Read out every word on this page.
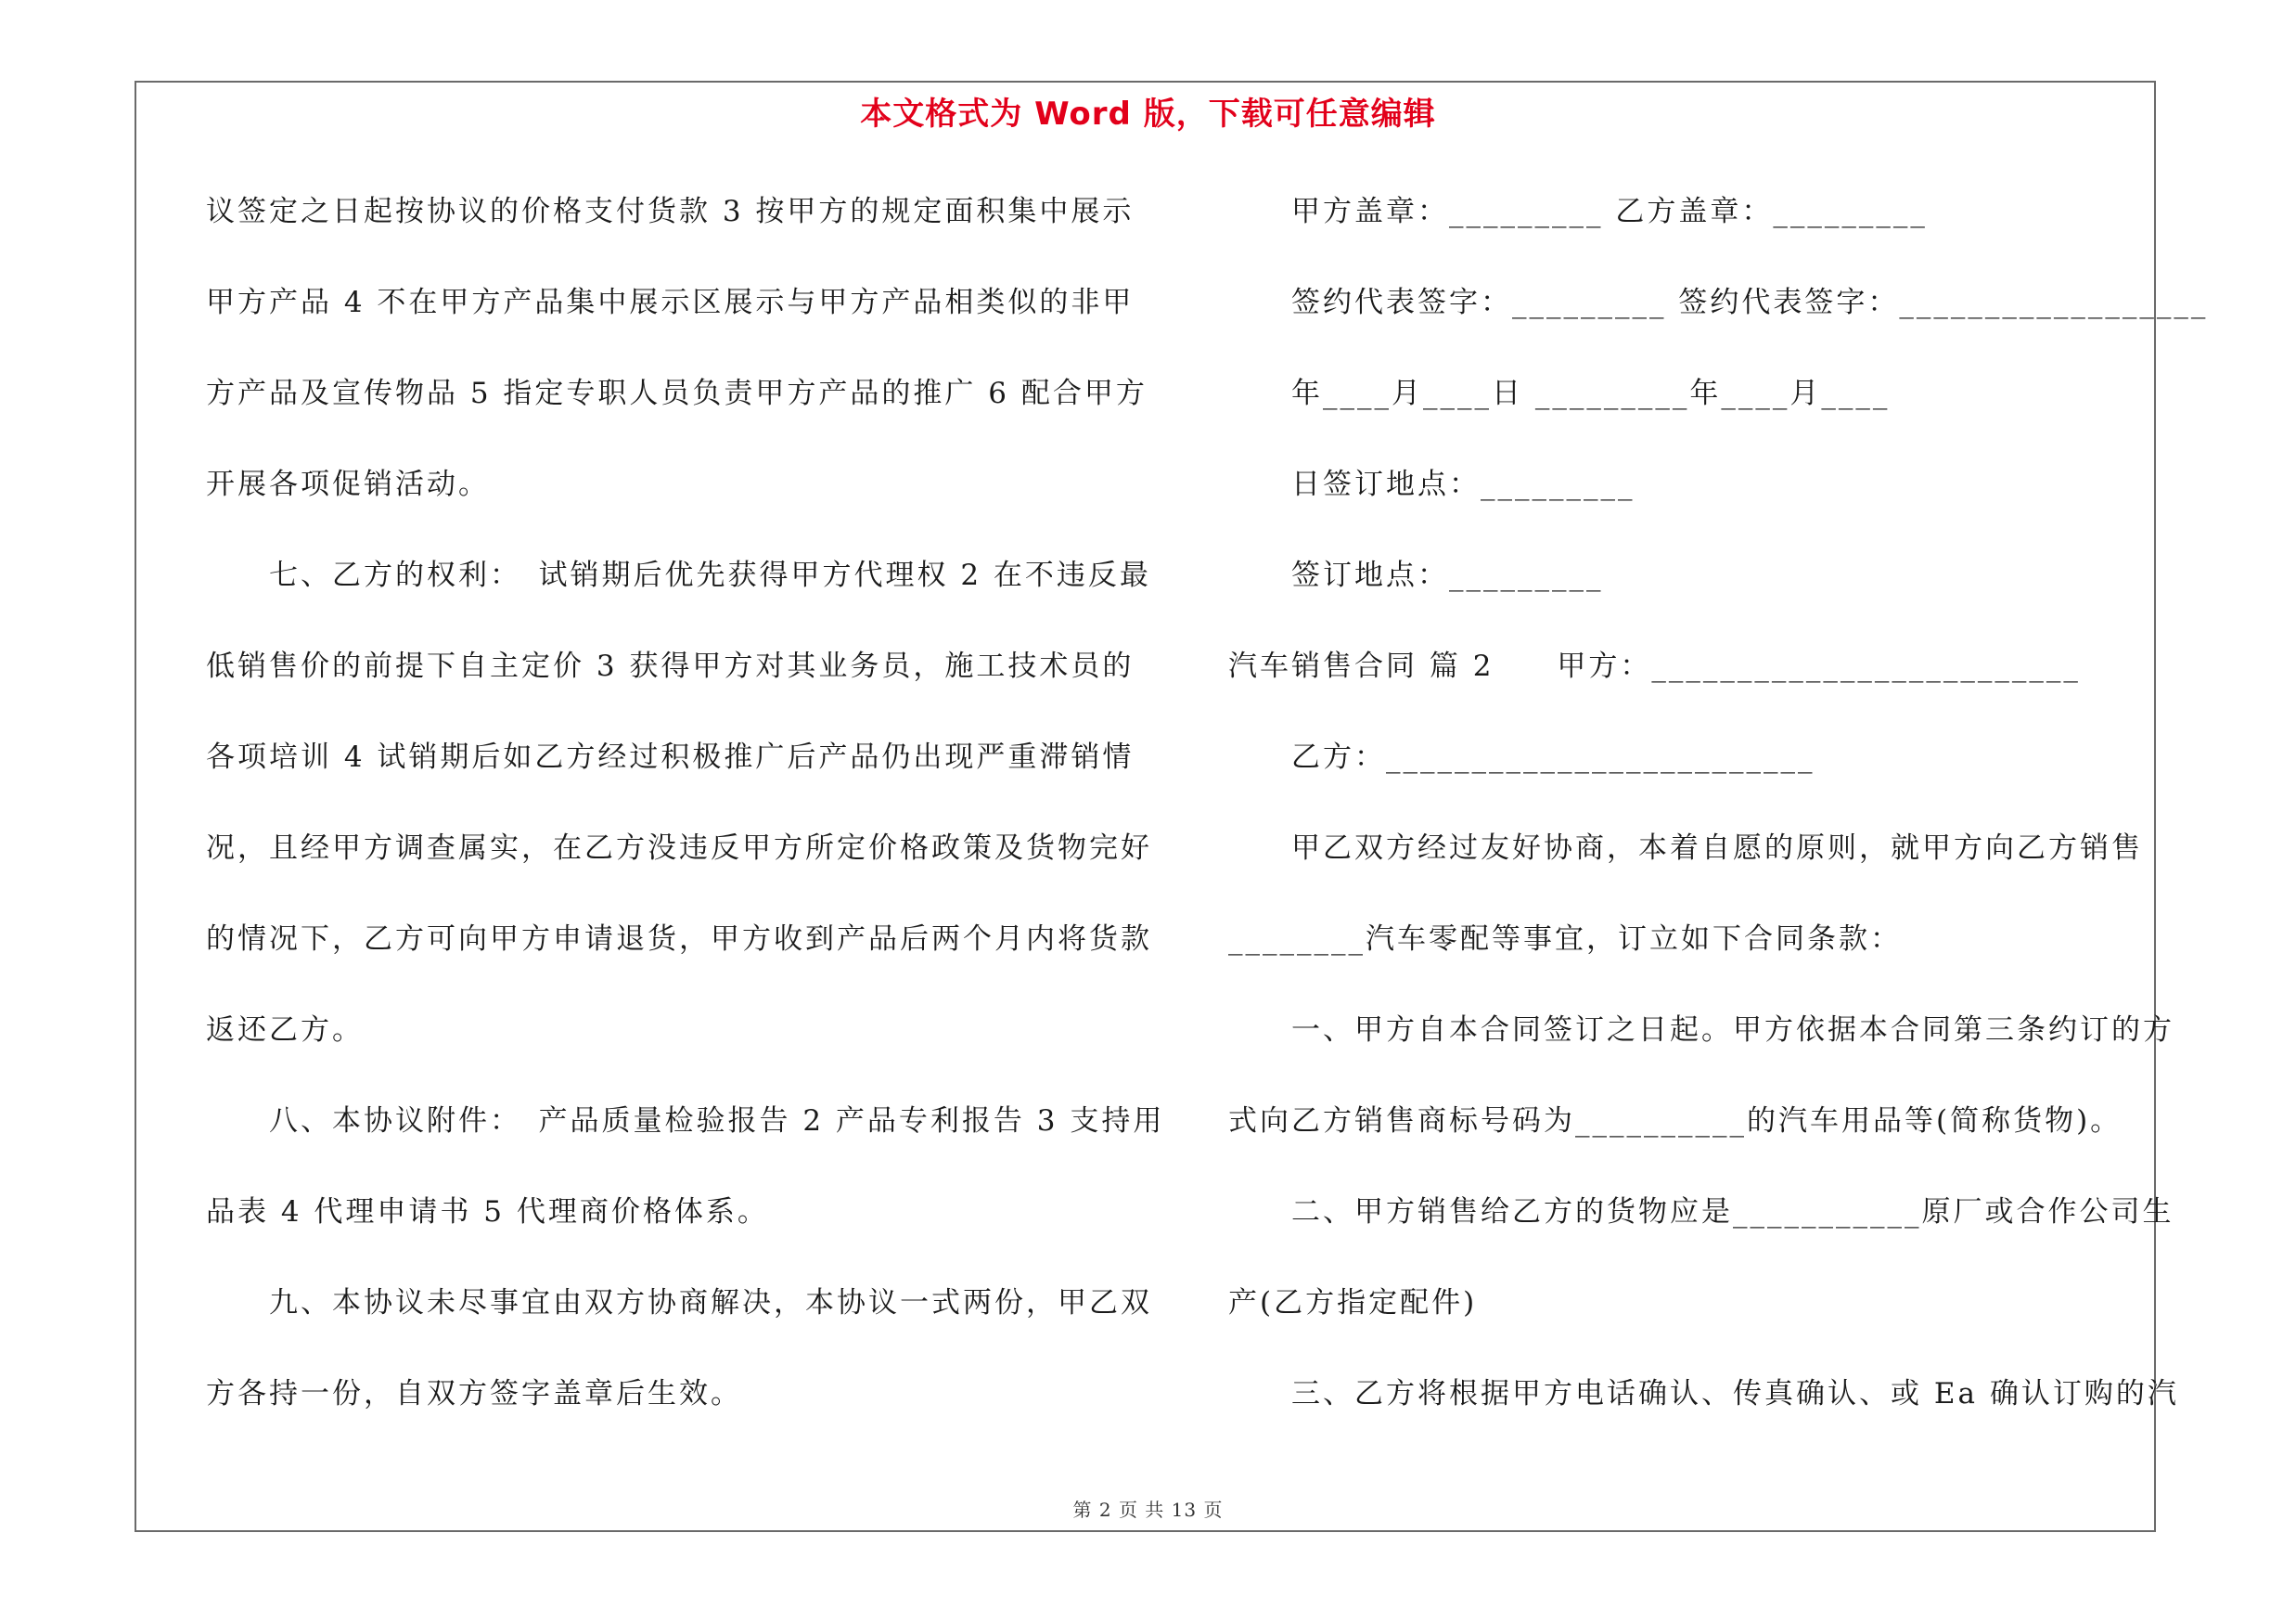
本文格式为 Word 版，下载可任意编辑
议签定之日起按协议的价格支付货款 3 按甲方的规定面积集中展示
甲方产品 4 不在甲方产品集中展示区展示与甲方产品相类似的非甲
方产品及宣传物品 5 指定专职人员负责甲方产品的推广 6 配合甲方
开展各项促销活动。
　　七、乙方的权利：　试销期后优先获得甲方代理权 2 在不违反最
低销售价的前提下自主定价 3 获得甲方对其业务员，施工技术员的
各项培训 4 试销期后如乙方经过积极推广后产品仍出现严重滞销情
况，且经甲方调查属实，在乙方没违反甲方所定价格政策及货物完好
的情况下，乙方可向甲方申请退货，甲方收到产品后两个月内将货款
返还乙方。
　　八、本协议附件：　产品质量检验报告 2 产品专利报告 3 支持用
品表 4 代理申请书 5 代理商价格体系。
　　九、本协议未尽事宜由双方协商解决，本协议一式两份，甲乙双
方各持一份，自双方签字盖章后生效。
　　甲方盖章：_________ 乙方盖章：_________
　　签约代表签字：_________ 签约代表签字：__________________
　　年____月____日 _________年____月____
　　日签订地点：_________
　　签订地点：_________
汽车销售合同 篇 2　　甲方：_________________________
　　乙方：_________________________
　　甲乙双方经过友好协商，本着自愿的原则，就甲方向乙方销售
________汽车零配等事宜，订立如下合同条款：
　　一、甲方自本合同签订之日起。甲方依据本合同第三条约订的方
式向乙方销售商标号码为__________的汽车用品等(简称货物)。
　　二、甲方销售给乙方的货物应是___________原厂或合作公司生
产(乙方指定配件)
　　三、乙方将根据甲方电话确认、传真确认、或 Ea 确认订购的汽
第 2 页 共 13 页
